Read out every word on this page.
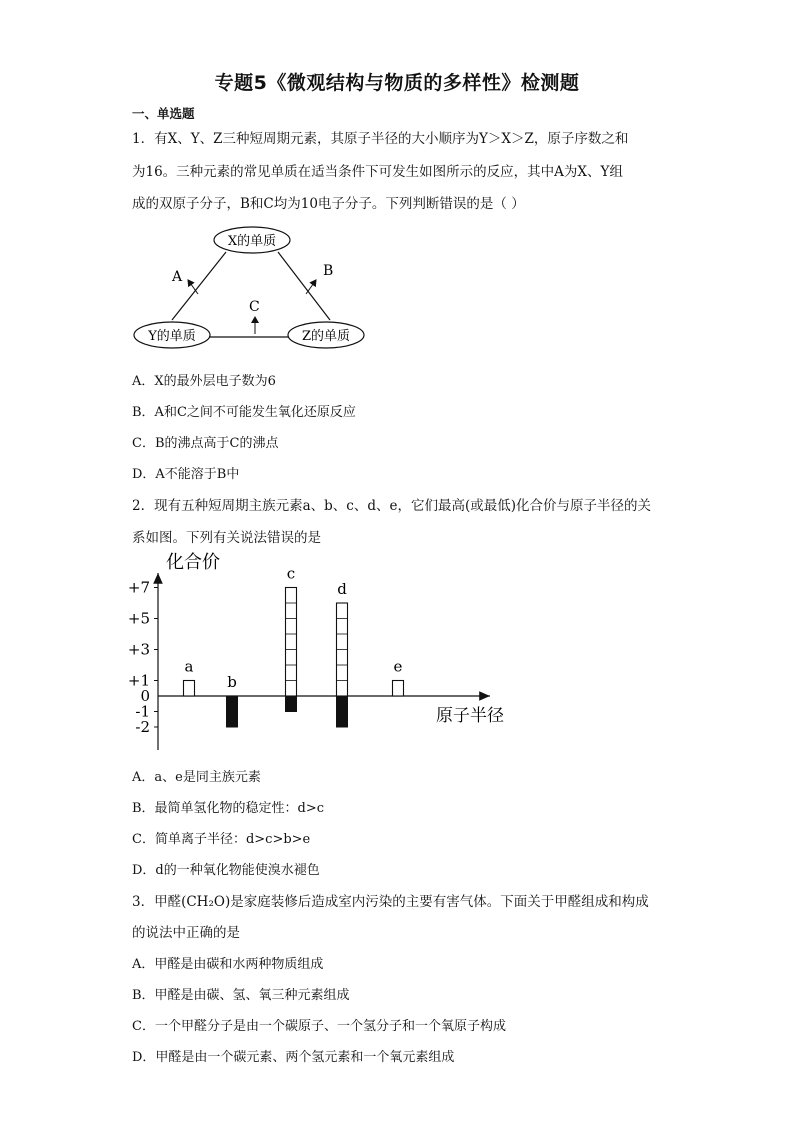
专题5《微观结构与物质的多样性》检测题
一、单选题
1．有X、Y、Z三种短周期元素，其原子半径的大小顺序为Y＞X＞Z，原子序数之和
为16。三种元素的常见单质在适当条件下可发生如图所示的反应，其中A为X、Y组
成的双原子分子，B和C均为10电子分子。下列判断错误的是（ ）
X的单质
Y的单质	Z的单质
A	B
C
A．X的最外层电子数为6
B．A和C之间不可能发生氧化还原反应
C．B的沸点高于C的沸点
D．A不能溶于B中
2．现有五种短周期主族元素a、b、c、d、e，它们最高(或最低)化合价与原子半径的关
系如图。下列有关说法错误的是
化合价
原子半径
+7
+5
+3
+1
0
-1
-2
a
b
c
d
e
A．a、e是同主族元素
B．最简单氢化物的稳定性：d>c
C．简单离子半径：d>c>b>e
D．d的一种氧化物能使溴水褪色
3．甲醛(CH₂O)是家庭装修后造成室内污染的主要有害气体。下面关于甲醛组成和构成
的说法中正确的是
A．甲醛是由碳和水两种物质组成
B．甲醛是由碳、氢、氧三种元素组成
C．一个甲醛分子是由一个碳原子、一个氢分子和一个氧原子构成
D．甲醛是由一个碳元素、两个氢元素和一个氧元素组成
